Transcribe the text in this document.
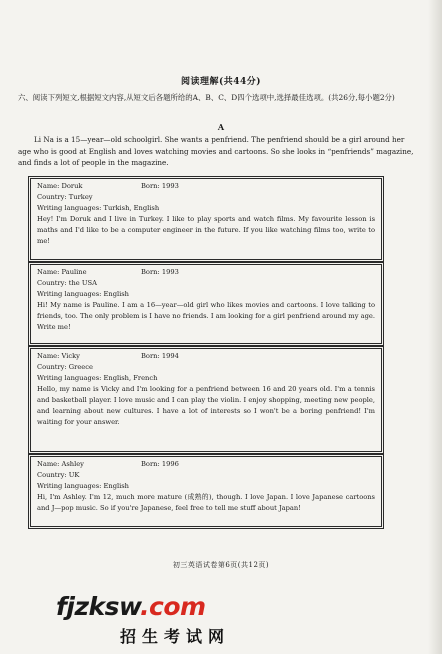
阅读理解(共44分)
六、阅读下列短文,根据短文内容,从短文后各题所给的A、B、C、D四个选项中,选择最佳选项。(共26分,每小题2分)
A
Li Na is a 15—year—old schoolgirl. She wants a penfriend. The penfriend should be a girl around her age who is good at English and loves watching movies and cartoons. So she looks in “penfriends” magazine, and finds a lot of people in the magazine.
Name: Doruk	Born: 1993
Country: Turkey
Writing languages: Turkish, English
Hey! I'm Doruk and I live in Turkey. I like to play sports and watch films. My favourite lesson is maths and I'd like to be a computer engineer in the future. If you like watching films too, write to me!
Name: Pauline	Born: 1993
Country: the USA
Writing languages: English
Hi! My name is Pauline. I am a 16—year—old girl who likes movies and cartoons. I love talking to friends, too. The only problem is I have no friends. I am looking for a girl penfriend around my age. Write me!
Name: Vicky	Born: 1994
Country: Greece
Writing languages: English, French
Hello, my name is Vicky and I'm looking for a penfriend between 16 and 20 years old. I'm a tennis and basketball player. I love music and I can play the violin. I enjoy shopping, meeting new people, and learning about new cultures. I have a lot of interests so I won't be a boring penfriend! I'm waiting for your answer.
Name: Ashley	Born: 1996
Country: UK
Writing languages: English
Hi, I'm Ashley. I'm 12, much more mature (成熟的), though. I love Japan. I love Japanese cartoons and J—pop music. So if you're Japanese, feel free to tell me stuff about Japan!
初三英语试卷第6页(共12页)
fjzksw.com
招生考试网
